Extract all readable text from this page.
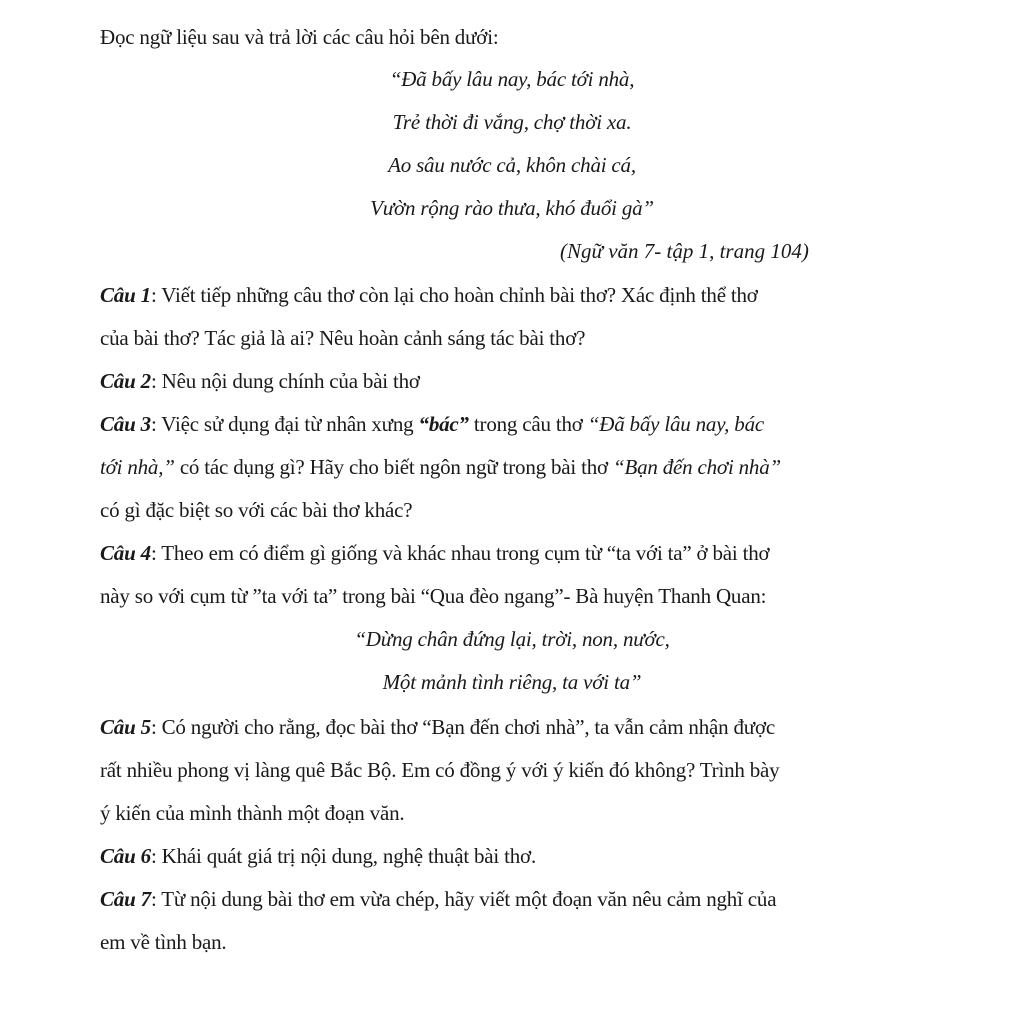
Đọc ngữ liệu sau và trả lời các câu hỏi bên dưới:
“Đã bấy lâu nay, bác tới nhà,
Trẻ thời đi vắng, chợ thời xa.
Ao sâu nước cả, khôn chài cá,
Vườn rộng rào thưa, khó đuổi gà”
(Ngữ văn 7- tập 1, trang 104)
Câu 1: Viết tiếp những câu thơ còn lại cho hoàn chỉnh bài thơ? Xác định thể thơ
của bài thơ? Tác giả là ai? Nêu hoàn cảnh sáng tác bài thơ?
Câu 2: Nêu nội dung chính của bài thơ
Câu 3: Việc sử dụng đại từ nhân xưng “bác” trong câu thơ “Đã bấy lâu nay, bác
tới nhà,” có tác dụng gì? Hãy cho biết ngôn ngữ trong bài thơ “Bạn đến chơi nhà”
có gì đặc biệt so với các bài thơ khác?
Câu 4: Theo em có điểm gì giống và khác nhau trong cụm từ “ta với ta” ở bài thơ
này so với cụm từ ”ta với ta” trong bài “Qua đèo ngang”- Bà huyện Thanh Quan:
“Dừng chân đứng lại, trời, non, nước,
Một mảnh tình riêng, ta với ta”
Câu 5: Có người cho rằng, đọc bài thơ “Bạn đến chơi nhà”, ta vẫn cảm nhận được
rất nhiều phong vị làng quê Bắc Bộ. Em có đồng ý với ý kiến đó không? Trình bày
ý kiến của mình thành một đoạn văn.
Câu 6: Khái quát giá trị nội dung, nghệ thuật bài thơ.
Câu 7: Từ nội dung bài thơ em vừa chép, hãy viết một đoạn văn nêu cảm nghĩ của
em về tình bạn.
